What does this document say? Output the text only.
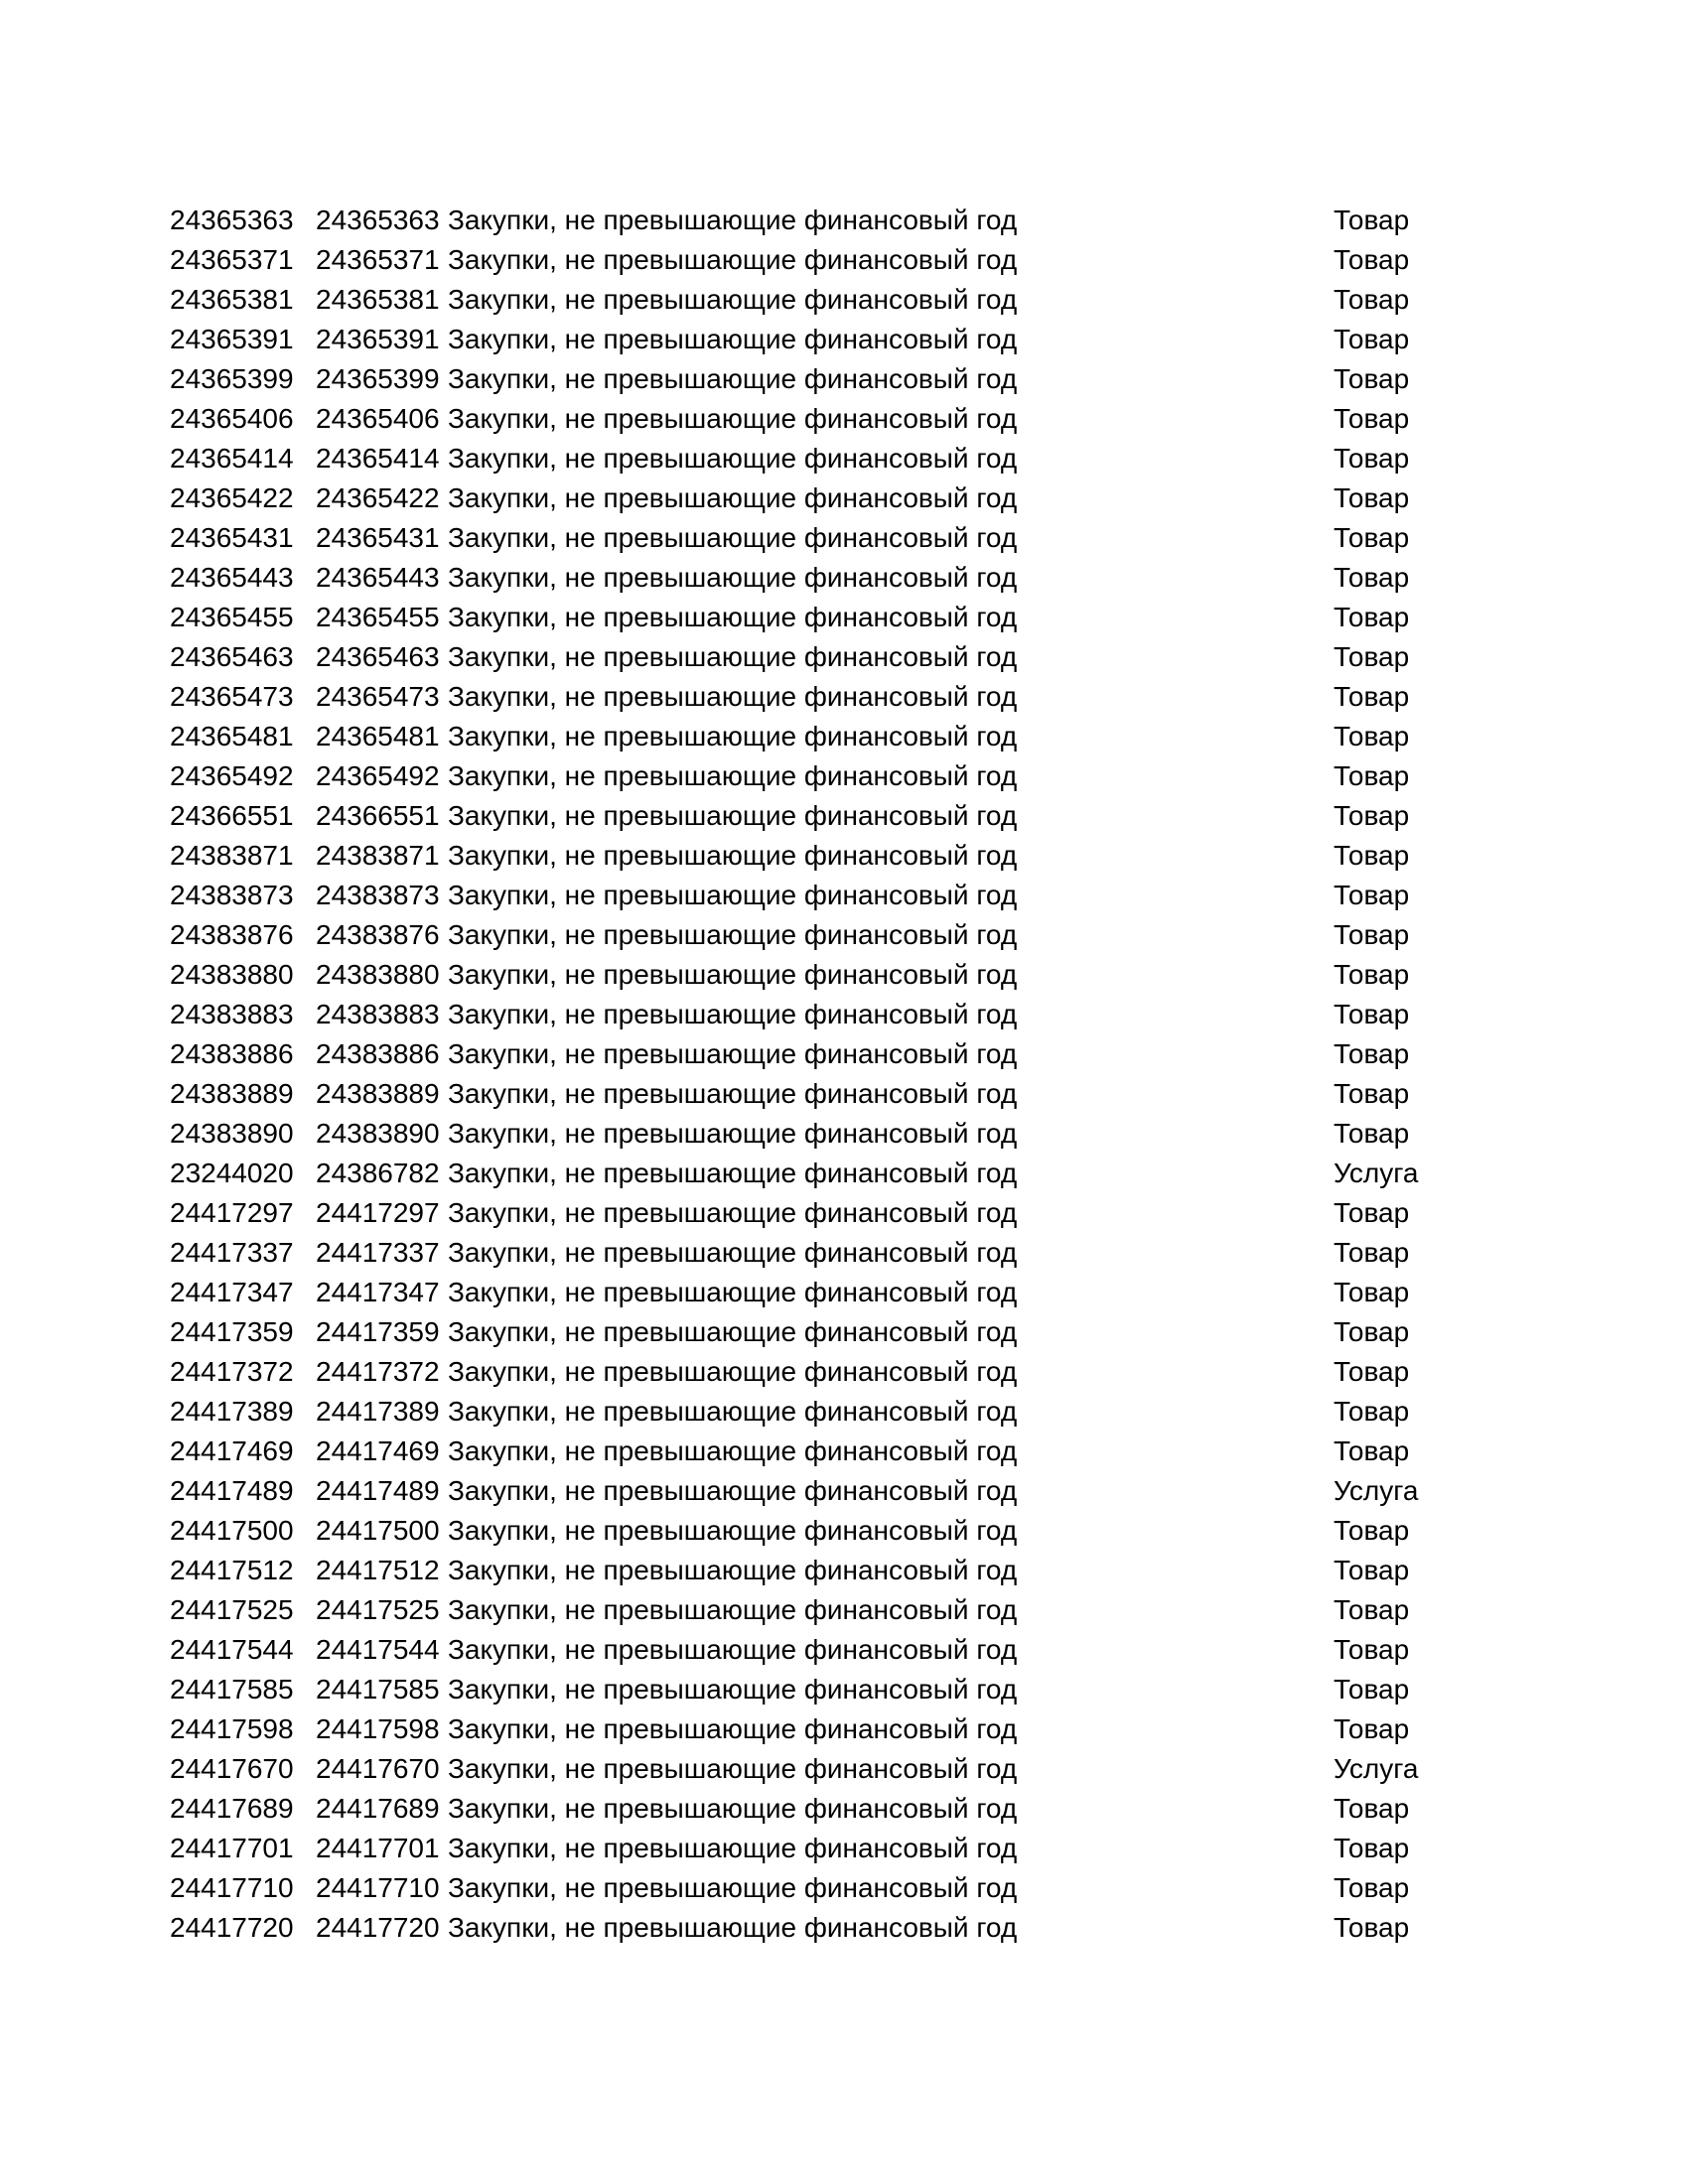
24365363 24365363 Закупки, не превышающие финансовый год	Товар
24365371 24365371 Закупки, не превышающие финансовый год	Товар
24365381 24365381 Закупки, не превышающие финансовый год	Товар
24365391 24365391 Закупки, не превышающие финансовый год	Товар
24365399 24365399 Закупки, не превышающие финансовый год	Товар
24365406 24365406 Закупки, не превышающие финансовый год	Товар
24365414 24365414 Закупки, не превышающие финансовый год	Товар
24365422 24365422 Закупки, не превышающие финансовый год	Товар
24365431 24365431 Закупки, не превышающие финансовый год	Товар
24365443 24365443 Закупки, не превышающие финансовый год	Товар
24365455 24365455 Закупки, не превышающие финансовый год	Товар
24365463 24365463 Закупки, не превышающие финансовый год	Товар
24365473 24365473 Закупки, не превышающие финансовый год	Товар
24365481 24365481 Закупки, не превышающие финансовый год	Товар
24365492 24365492 Закупки, не превышающие финансовый год	Товар
24366551 24366551 Закупки, не превышающие финансовый год	Товар
24383871 24383871 Закупки, не превышающие финансовый год	Товар
24383873 24383873 Закупки, не превышающие финансовый год	Товар
24383876 24383876 Закупки, не превышающие финансовый год	Товар
24383880 24383880 Закупки, не превышающие финансовый год	Товар
24383883 24383883 Закупки, не превышающие финансовый год	Товар
24383886 24383886 Закупки, не превышающие финансовый год	Товар
24383889 24383889 Закупки, не превышающие финансовый год	Товар
24383890 24383890 Закупки, не превышающие финансовый год	Товар
23244020 24386782 Закупки, не превышающие финансовый год	Услуга
24417297 24417297 Закупки, не превышающие финансовый год	Товар
24417337 24417337 Закупки, не превышающие финансовый год	Товар
24417347 24417347 Закупки, не превышающие финансовый год	Товар
24417359 24417359 Закупки, не превышающие финансовый год	Товар
24417372 24417372 Закупки, не превышающие финансовый год	Товар
24417389 24417389 Закупки, не превышающие финансовый год	Товар
24417469 24417469 Закупки, не превышающие финансовый год	Товар
24417489 24417489 Закупки, не превышающие финансовый год	Услуга
24417500 24417500 Закупки, не превышающие финансовый год	Товар
24417512 24417512 Закупки, не превышающие финансовый год	Товар
24417525 24417525 Закупки, не превышающие финансовый год	Товар
24417544 24417544 Закупки, не превышающие финансовый год	Товар
24417585 24417585 Закупки, не превышающие финансовый год	Товар
24417598 24417598 Закупки, не превышающие финансовый год	Товар
24417670 24417670 Закупки, не превышающие финансовый год	Услуга
24417689 24417689 Закупки, не превышающие финансовый год	Товар
24417701 24417701 Закупки, не превышающие финансовый год	Товар
24417710 24417710 Закупки, не превышающие финансовый год	Товар
24417720 24417720 Закупки, не превышающие финансовый год	Товар
